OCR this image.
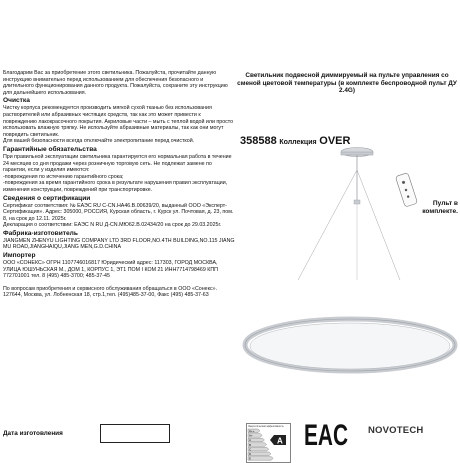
Благодарим Вас за приобретение этого светильника. Пожалуйста, прочитайте данную инструкцию внимательно перед использованием для обеспечения безопасного и длительного функционирования данного продукта. Пожалуйста, сохраните эту инструкцию для дальнейшего использования.

Очистка

Чистку корпуса рекомендуется производить мягкой сухой тканью без использования растворителей или абразивных чистящих средств, так как это может привести к повреждению лакокрасочного покрытия. Акриловые части – мыть с теплой водой или просто использовать влажную тряпку. Не используйте абразивные материалы, так как они могут повредить светильник.

Для вашей безопасности всегда отключайте электропитание перед очисткой.

Гарантийные обязательства

При правильной эксплуатации светильника гарантируется его нормальная работа в течение 24 месяцев со дня продажи через розничную торговую сеть. Не подлежат замене по гарантии, если у изделия имеются:

- повреждения по истечению гарантийного срока;

- повреждения за время гарантийного срока в результате нарушения правил эксплуатации, изменения конструкции, повреждений при транспортировке.

Сведения о сертификации

Сертификат соответствия: № ЕАЭС RU C-CN.НА46.В.00639/20, выданный ООО «Эксперт-Сертификация». Адрес: 305000, РОССИЯ, Курская область, г. Курск ул. Почтовая, д. 23, пом. 8, на срок до 12.11. 2025г.

Декларация о соответствии: ЕАЭС N RU Д-CN.МЮ62.В.02434/20 на срок до 29.03.2025г.

Фабрика-изготовитель

JIANGMEN ZHENYU LIGHTING COMPANY LTD 3RD FLOOR,NO.4TH BUILDING,NO.115 JIANG MU ROAD,JIANGHAIQU,JIANG MEN,G.D.CHINA

Импортер

ООО «СОНЕКС» ОГРН 1107746016817 Юридический адрес: 117303, ГОРОД МОСКВА, УЛИЦА ЮШУНЬСКАЯ М., ДОМ 1, КОРПУС 1, ЭТ1 ПОМ I КОМ 21 ИНН7714798469 КПП 772701001 тел. 8 (495) 485-3700; 485-37-45

По вопросам приобретения и сервисного обслуживания обращаться в ООО «Сонекс». 127644, Москва, ул. Лобненская 18, стр.1,тел. (495)485-37-00, Факс (495) 485-37-63

Дата изготовления
Светильник подвесной диммируемый на пульте управления со сменой цветовой температуры (в комплекте беспроводной пульт ДУ 2.4G)
358588 Коллекция OVER
Пульт в комплекте.
Энергетическая эффективность
A++
A+
A
B
C
D
E
A EAC NOVOTECH
